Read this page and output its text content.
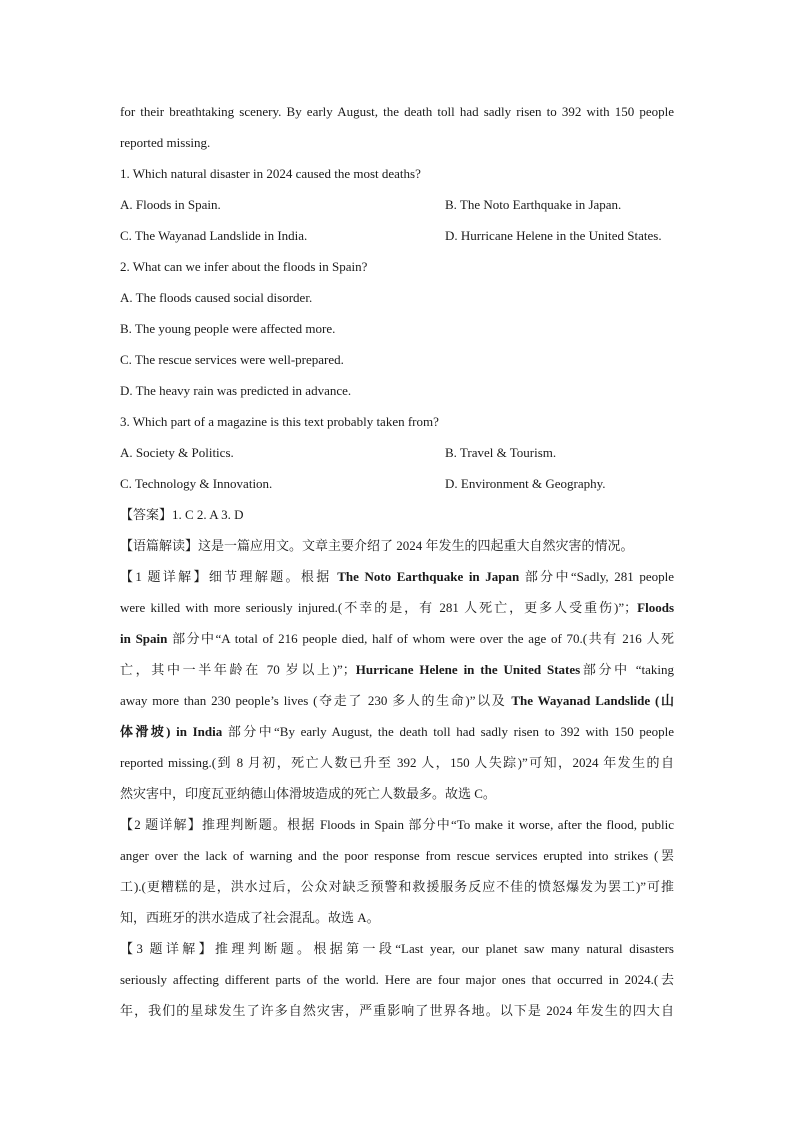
for their breathtaking scenery. By early August, the death toll had sadly risen to 392 with 150 people
reported missing.
1. Which natural disaster in 2024 caused the most deaths?
A. Floods in Spain.	B. The Noto Earthquake in Japan.
C. The Wayanad Landslide in India.	D. Hurricane Helene in the United States.
2. What can we infer about the floods in Spain?
A. The floods caused social disorder.
B. The young people were affected more.
C. The rescue services were well-prepared.
D. The heavy rain was predicted in advance.
3. Which part of a magazine is this text probably taken from?
A. Society & Politics.	B. Travel & Tourism.
C. Technology & Innovation.	D. Environment & Geography.
【答案】1. C 2. A 3. D
【语篇解读】这是一篇应用文。文章主要介绍了 2024 年发生的四起重大自然灾害的情况。
【1 题详解】细节理解题。根据 The Noto Earthquake in Japan 部分中“Sadly, 281 people
were killed with more seriously injured.(不幸的是，有 281 人死亡，更多人受重伤)”；Floods
in Spain 部分中“A total of 216 people died, half of whom were over the age of 70.(共有 216 人死
亡，其中一半年龄在 70 岁以上)”；Hurricane Helene in the United States部分中 “taking
away more than 230 people’s lives (夺走了 230 多人的生命)”以及 The Wayanad Landslide (山
体滑坡) in India 部分中“By early August, the death toll had sadly risen to 392 with 150 people
reported missing.(到 8 月初，死亡人数已升至 392 人，150 人失踪)”可知，2024 年发生的自
然灾害中，印度瓦亚纳德山体滑坡造成的死亡人数最多。故选 C。
【2 题详解】推理判断题。根据 Floods in Spain 部分中“To make it worse, after the flood, public
anger over the lack of warning and the poor response from rescue services erupted into strikes (罢
工).(更糟糕的是，洪水过后，公众对缺乏预警和救援服务反应不佳的愤怒爆发为罢工)”可推
知，西班牙的洪水造成了社会混乱。故选 A。
【3 题详解】推理判断题。根据第一段“Last year, our planet saw many natural disasters
seriously affecting different parts of the world. Here are four major ones that occurred in 2024.(去
年，我们的星球发生了许多自然灾害，严重影响了世界各地。以下是 2024 年发生的四大自
